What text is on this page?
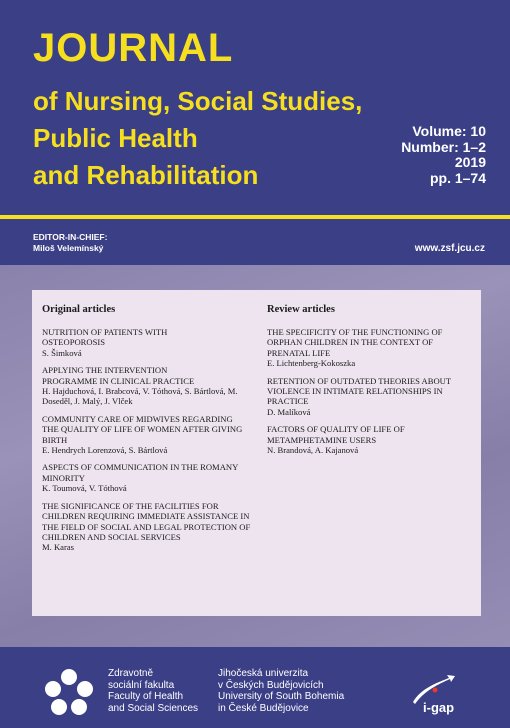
JOURNAL
of Nursing, Social Studies,
Public Health
and Rehabilitation
Volume: 10
Number: 1–2
2019
pp. 1–74
EDITOR-IN-CHIEF:
Miloš Velemínský	www.zsf.jcu.cz
Original articles
NUTRITION OF PATIENTS WITH OSTEOPOROSIS
S. Šimková
APPLYING THE INTERVENTION PROGRAMME IN CLINICAL PRACTICE
H. Hajduchová, I. Brabcová, V. Tóthová, S. Bártlová, M. Doseděl, J. Malý, J. Vlček
COMMUNITY CARE OF MIDWIVES REGARDING THE QUALITY OF LIFE OF WOMEN AFTER GIVING BIRTH
E. Hendrych Lorenzová, S. Bártlová
ASPECTS OF COMMUNICATION IN THE ROMANY MINORITY
K. Toumová, V. Tóthová
THE SIGNIFICANCE OF THE FACILITIES FOR CHILDREN REQUIRING IMMEDIATE ASSISTANCE IN THE FIELD OF SOCIAL AND LEGAL PROTECTION OF CHILDREN AND SOCIAL SERVICES
M. Karas
Review articles
THE SPECIFICITY OF THE FUNCTIONING OF ORPHAN CHILDREN IN THE CONTEXT OF PRENATAL LIFE
E. Lichtenberg-Kokoszka
RETENTION OF OUTDATED THEORIES ABOUT VIOLENCE IN INTIMATE RELATIONSHIPS IN PRACTICE
D. Malíková
FACTORS OF QUALITY OF LIFE OF METAMPHETAMINE USERS
N. Brandová, A. Kajanová
Zdravotně
sociální fakulta
Faculty of Health
and Social Sciences
Jihočeská univerzita
v Českých Budějovicích
University of South Bohemia
in České Budějovice	i-gap
